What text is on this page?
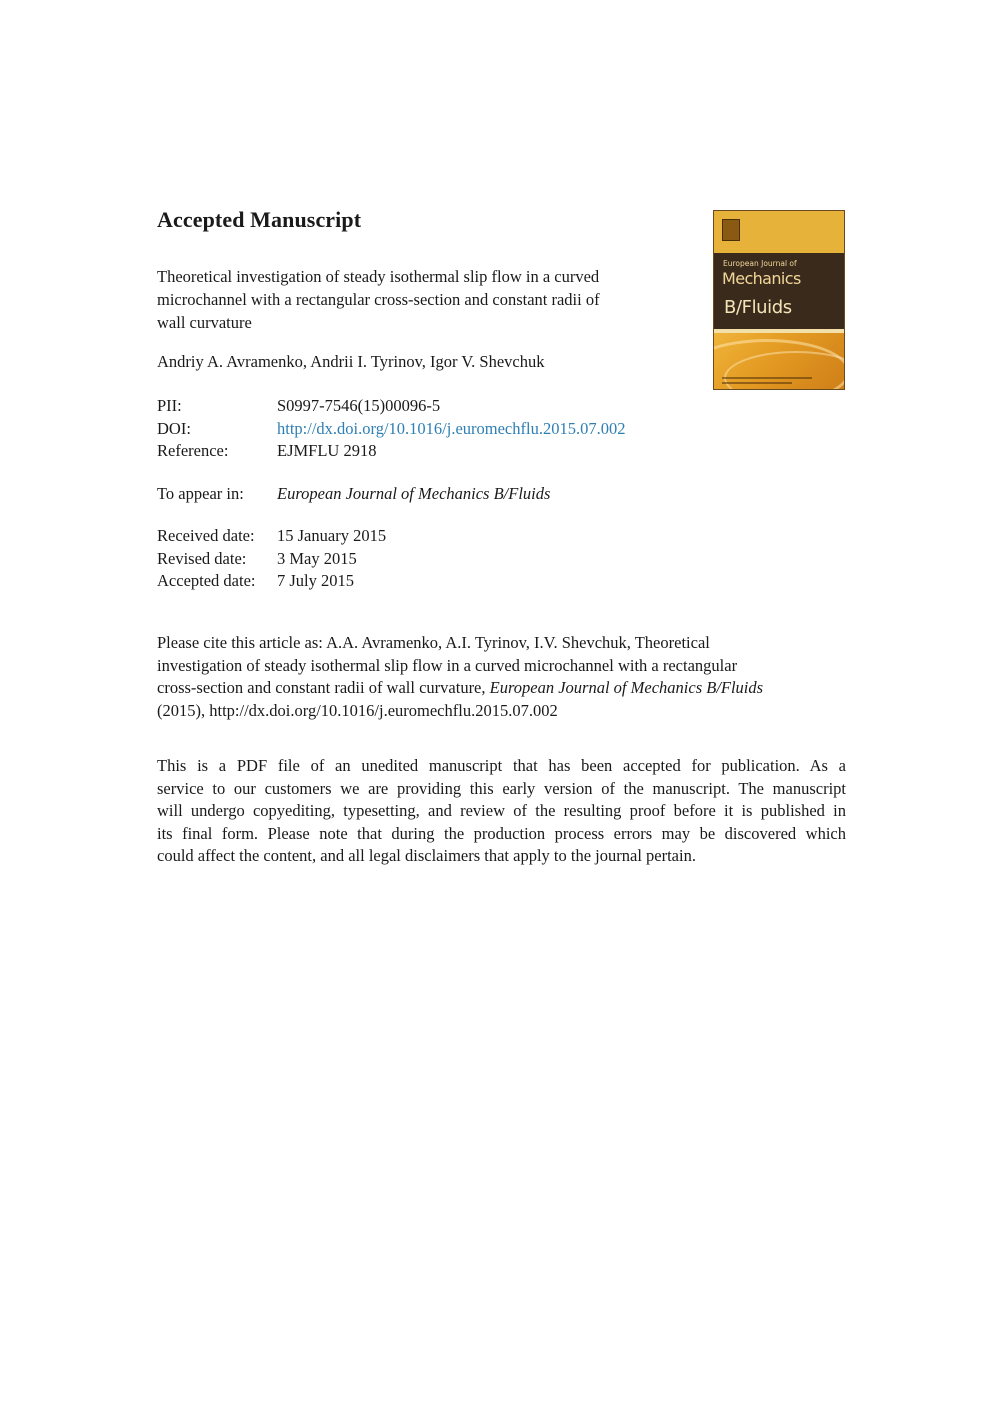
Accepted Manuscript
Theoretical investigation of steady isothermal slip flow in a curved
microchannel with a rectangular cross-section and constant radii of
wall curvature
Andriy A. Avramenko, Andrii I. Tyrinov, Igor V. Shevchuk
PII:	S0997-7546(15)00096-5
DOI:	http://dx.doi.org/10.1016/j.euromechflu.2015.07.002
Reference:	EJMFLU 2918
To appear in:	European Journal of Mechanics B/Fluids
Received date:	15 January 2015
Revised date:	3 May 2015
Accepted date:	7 July 2015
Please cite this article as: A.A. Avramenko, A.I. Tyrinov, I.V. Shevchuk, Theoretical
investigation of steady isothermal slip flow in a curved microchannel with a rectangular
cross-section and constant radii of wall curvature, European Journal of Mechanics B/Fluids
(2015), http://dx.doi.org/10.1016/j.euromechflu.2015.07.002
This is a PDF file of an unedited manuscript that has been accepted for publication. As a
service to our customers we are providing this early version of the manuscript. The manuscript
will undergo copyediting, typesetting, and review of the resulting proof before it is published in
its final form. Please note that during the production process errors may be discovered which
could affect the content, and all legal disclaimers that apply to the journal pertain.
European Journal of
Mechanics
B/Fluids
